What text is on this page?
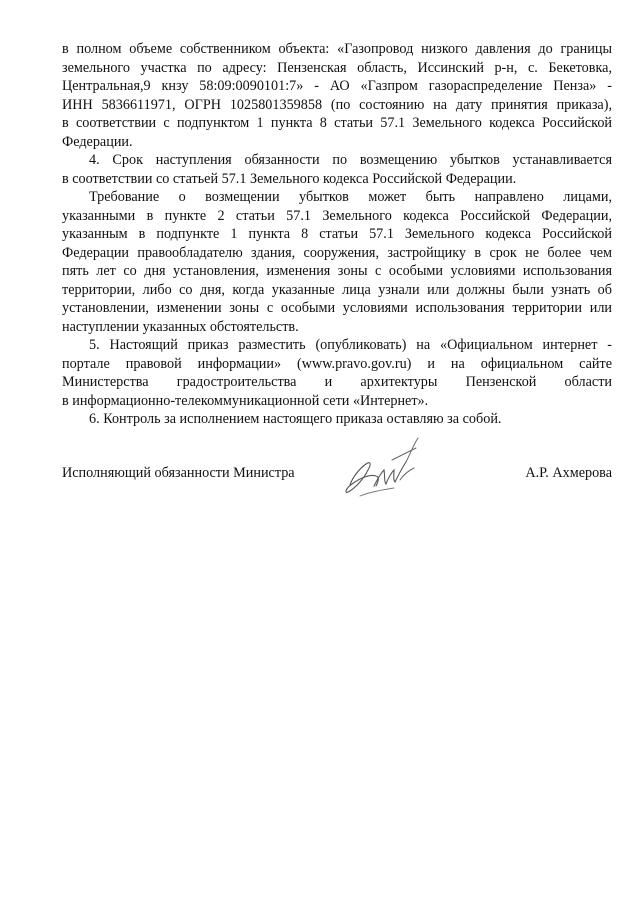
в полном объеме собственником объекта: «Газопровод низкого давления до границы
земельного участка по адресу: Пензенская область, Иссинский р-н, с. Бекетовка,
Центральная,9 кнзу 58:09:0090101:7» - АО «Газпром газораспределение Пенза» -
ИНН 5836611971, ОГРН 1025801359858 (по состоянию на дату принятия приказа),
в соответствии с подпунктом 1 пункта 8 статьи 57.1 Земельного кодекса Российской
Федерации.
4. Срок наступления обязанности по возмещению убытков устанавливается
в соответствии со статьей 57.1 Земельного кодекса Российской Федерации.
Требование о возмещении убытков может быть направлено лицами,
указанными в пункте 2 статьи 57.1 Земельного кодекса Российской Федерации,
указанным в подпункте 1 пункта 8 статьи 57.1 Земельного кодекса Российской
Федерации правообладателю здания, сооружения, застройщику в срок не более чем
пять лет со дня установления, изменения зоны с особыми условиями использования
территории, либо со дня, когда указанные лица узнали или должны были узнать об
установлении, изменении зоны с особыми условиями использования территории или
наступлении указанных обстоятельств.
5. Настоящий приказ разместить (опубликовать) на «Официальном интернет -
портале правовой информации» (www.pravo.gov.ru) и на официальном сайте
Министерства градостроительства и архитектуры Пензенской области
в информационно-телекоммуникационной сети «Интернет».
6. Контроль за исполнением настоящего приказа оставляю за собой.
Исполняющий обязанности Министра	А.Р. Ахмерова
